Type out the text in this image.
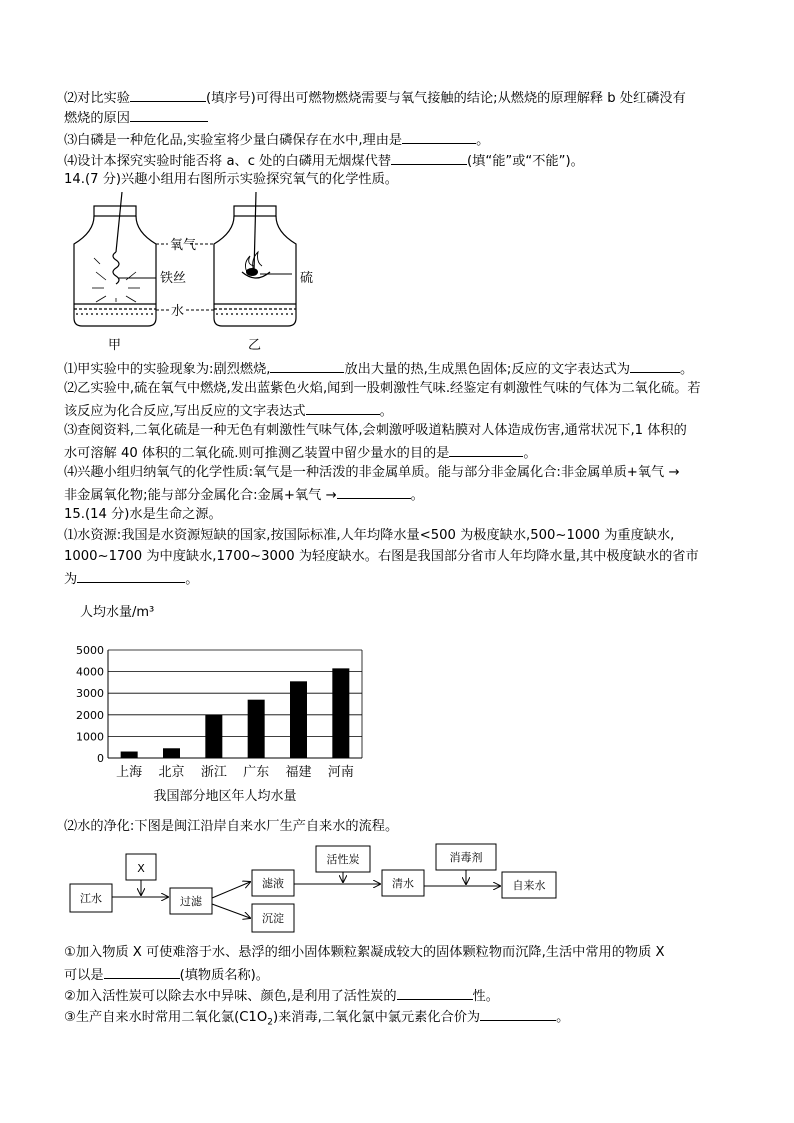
⑵对比实验	(填序号)可得出可燃物燃烧需要与氧气接触的结论;从燃烧的原理解释 b 处红磷没有
燃烧的原因
⑶白磷是一种危化品,实验室将少量白磷保存在水中,理由是	。
⑷设计本探究实验时能否将 a、c 处的白磷用无烟煤代替	(填“能”或“不能”)。
14.(7 分)兴趣小组用右图所示实验探究氧气的化学性质。
氧气
铁丝	硫
水
甲	乙
⑴甲实验中的实验现象为:剧烈燃烧,	放出大量的热,生成黑色固体;反应的文字表达式为	。
⑵乙实验中,硫在氧气中燃烧,发出蓝紫色火焰,闻到一股刺激性气味.经鉴定有刺激性气味的气体为二氧化硫。若
该反应为化合反应,写出反应的文字表达式	。
⑶查阅资料,二氧化硫是一种无色有刺激性气味气体,会刺激呼吸道粘膜对人体造成伤害,通常状况下,1 体积的
水可溶解 40 体积的二氧化硫.则可推测乙装置中留少量水的目的是	。
⑷兴趣小组归纳氧气的化学性质:氧气是一种活泼的非金属单质。能与部分非金属化合:非金属单质+氧气 →
非金属氧化物;能与部分金属化合:金属+氧气 →	。
15.(14 分)水是生命之源。
⑴水资源:我国是水资源短缺的国家,按国际标准,人年均降水量<500 为极度缺水,500~1000 为重度缺水,
1000~1700 为中度缺水,1700~3000 为轻度缺水。右图是我国部分省市人年均降水量,其中极度缺水的省市
为	。
人均水量/m³
0
1000
2000
3000
4000
5000
上海 北京 浙江 广东 福建 河南
我国部分地区年人均水量
⑵水的净化:下图是闽江沿岸自来水厂生产自来水的流程。
江水
X
过滤
滤液
沉淀
活性炭
清水
消毒剂
自来水
①加入物质 X 可使难溶于水、悬浮的细小固体颗粒絮凝成较大的固体颗粒物而沉降,生活中常用的物质 X
可以是	(填物质名称)。
②加入活性炭可以除去水中异味、颜色,是利用了活性炭的	性。
③生产自来水时常用二氧化氯$(C1O_2)$来消毒,二氧化氯中氯元素化合价为	。
